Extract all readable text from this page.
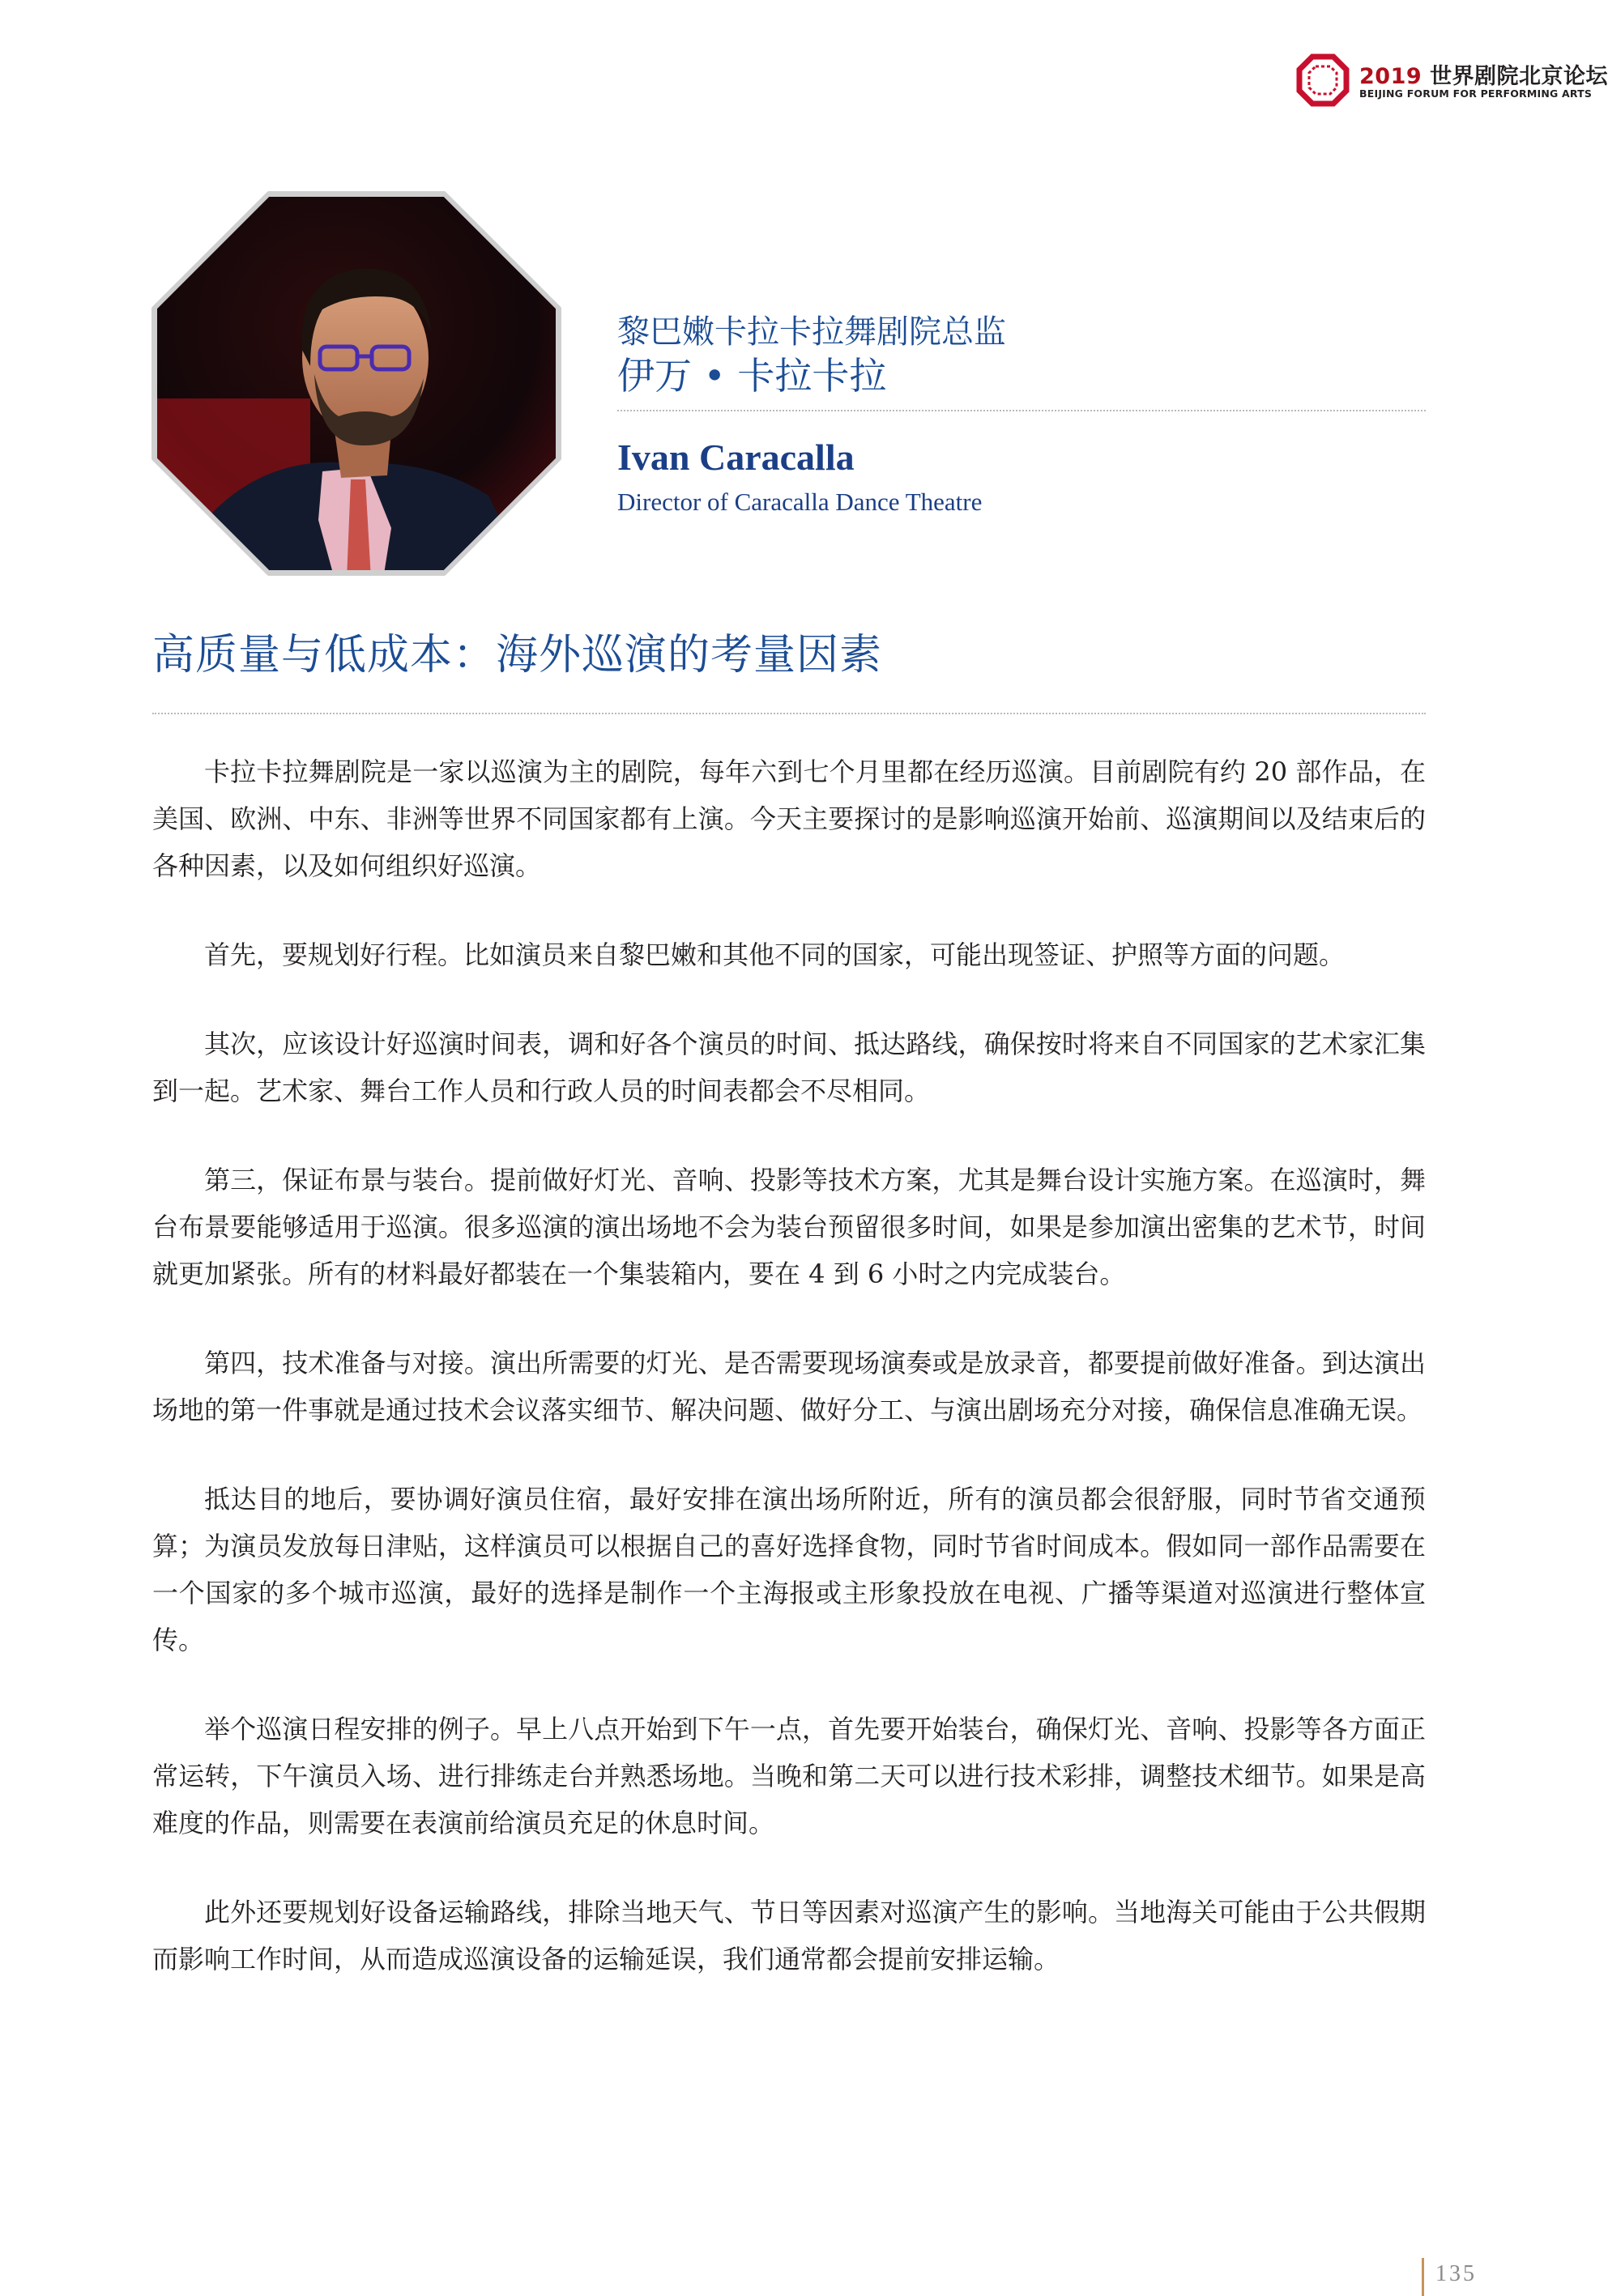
2019 世界剧院北京论坛
BEIJING FORUM FOR PERFORMING ARTS
黎巴嫩卡拉卡拉舞剧院总监
伊万 • 卡拉卡拉
Ivan Caracalla
Director of Caracalla Dance Theatre
高质量与低成本：海外巡演的考量因素

卡拉卡拉舞剧院是一家以巡演为主的剧院，每年六到七个月里都在经历巡演。目前剧院有约 20 部作品，在美国、欧洲、中东、非洲等世界不同国家都有上演。今天主要探讨的是影响巡演开始前、巡演期间以及结束后的各种因素，以及如何组织好巡演。

首先，要规划好行程。比如演员来自黎巴嫩和其他不同的国家，可能出现签证、护照等方面的问题。

其次，应该设计好巡演时间表，调和好各个演员的时间、抵达路线，确保按时将来自不同国家的艺术家汇集到一起。艺术家、舞台工作人员和行政人员的时间表都会不尽相同。

第三，保证布景与装台。提前做好灯光、音响、投影等技术方案，尤其是舞台设计实施方案。在巡演时，舞台布景要能够适用于巡演。很多巡演的演出场地不会为装台预留很多时间，如果是参加演出密集的艺术节，时间就更加紧张。所有的材料最好都装在一个集装箱内，要在 4 到 6 小时之内完成装台。

第四，技术准备与对接。演出所需要的灯光、是否需要现场演奏或是放录音，都要提前做好准备。到达演出场地的第一件事就是通过技术会议落实细节、解决问题、做好分工、与演出剧场充分对接，确保信息准确无误。

抵达目的地后，要协调好演员住宿，最好安排在演出场所附近，所有的演员都会很舒服，同时节省交通预算；为演员发放每日津贴，这样演员可以根据自己的喜好选择食物，同时节省时间成本。假如同一部作品需要在一个国家的多个城市巡演，最好的选择是制作一个主海报或主形象投放在电视、广播等渠道对巡演进行整体宣传。

举个巡演日程安排的例子。早上八点开始到下午一点，首先要开始装台，确保灯光、音响、投影等各方面正常运转，下午演员入场、进行排练走台并熟悉场地。当晚和第二天可以进行技术彩排，调整技术细节。如果是高难度的作品，则需要在表演前给演员充足的休息时间。

此外还要规划好设备运输路线，排除当地天气、节日等因素对巡演产生的影响。当地海关可能由于公共假期而影响工作时间，从而造成巡演设备的运输延误，我们通常都会提前安排运输。

135
